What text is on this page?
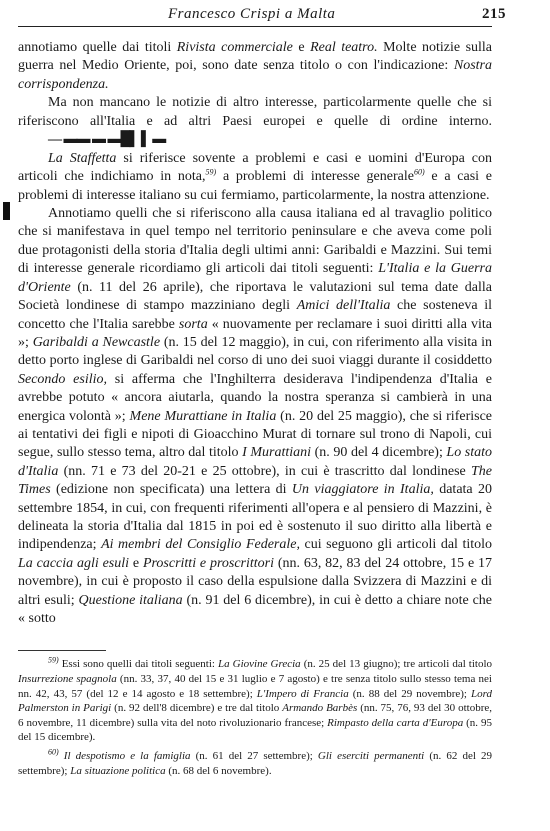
Francesco Crispi a Malta	215

annotiamo quelle dai titoli Rivista commerciale e Real teatro. Molte notizie sulla guerra nel Medio Oriente, poi, sono date senza titolo o con l'indicazione: Nostra corrispondenza.

Ma non mancano le notizie di altro interesse, particolarmente quelle che si riferiscono all'Italia e ad altri Paesi europei e quelle di ordine interno. — ▬▬ ▬ ▬█▌ ▌ ▬

La Staffetta si riferisce sovente a problemi e casi e uomini d'Europa con articoli che indichiamo in nota,$^{59)}$ a problemi di interesse generale$^{60)}$ e a casi e problemi di interesse italiano su cui fermiamo, particolarmente, la nostra attenzione.

Annotiamo quelli che si riferiscono alla causa italiana ed al travaglio politico che si manifestava in quel tempo nel territorio peninsulare e che aveva come poli due protagonisti della storia d'Italia degli ultimi anni: Garibaldi e Mazzini. Sui temi di interesse generale ricordiamo gli articoli dai titoli seguenti: L'Italia e la Guerra d'Oriente (n. 11 del 26 aprile), che riportava le valutazioni sul tema date dalla Società londinese di stampo mazziniano degli Amici dell'Italia che sosteneva il concetto che l'Italia sarebbe sorta « nuovamente per reclamare i suoi diritti alla vita »; Garibaldi a Newcastle (n. 15 del 12 maggio), in cui, con riferimento alla visita in detto porto inglese di Garibaldi nel corso di uno dei suoi viaggi durante il cosiddetto Secondo esilio, si afferma che l'Inghilterra desiderava l'indipendenza d'Italia e avrebbe potuto « ancora aiutarla, quando la nostra speranza si cambierà in una energica volontà »; Mene Murattiane in Italia (n. 20 del 25 maggio), che si riferisce ai tentativi dei figli e nipoti di Gioacchino Murat di tornare sul trono di Napoli, cui segue, sullo stesso tema, altro dal titolo I Murattiani (n. 90 del 4 dicembre); Lo stato d'Italia (nn. 71 e 73 del 20-21 e 25 ottobre), in cui è trascritto dal londinese The Times (edizione non specificata) una lettera di Un viaggiatore in Italia, datata 20 settembre 1854, in cui, con frequenti riferimenti all'opera e al pensiero di Mazzini, è delineata la storia d'Italia dal 1815 in poi ed è sostenuto il suo diritto alla libertà e indipendenza; Ai membri del Consiglio Federale, cui seguono gli articoli dal titolo La caccia agli esuli e Proscritti e proscrittori (nn. 63, 82, 83 del 24 ottobre, 15 e 17 novembre), in cui è proposto il caso della espulsione dalla Svizzera di Mazzini e di altri esuli; Questione italiana (n. 91 del 6 dicembre), in cui è detto a chiare note che « sotto

$^{59)}$ Essi sono quelli dai titoli seguenti: La Giovine Grecia (n. 25 del 13 giugno); tre articoli dal titolo Insurrezione spagnola (nn. 33, 37, 40 del 15 e 31 luglio e 7 agosto) e tre senza titolo sullo stesso tema nei nn. 42, 43, 57 (del 12 e 14 agosto e 18 settembre); L'Impero di Francia (n. 88 del 29 novembre); Lord Palmerston in Parigi (n. 92 dell'8 dicembre) e tre dal titolo Armando Barbès (nn. 75, 76, 93 del 30 ottobre, 6 novembre, 11 dicembre) sulla vita del noto rivoluzionario francese; Rimpasto della carta d'Europa (n. 95 del 15 dicembre).

$^{60)}$ Il despotismo e la famiglia (n. 61 del 27 settembre); Gli eserciti permanenti (n. 62 del 29 settembre); La situazione politica (n. 68 del 6 novembre).
